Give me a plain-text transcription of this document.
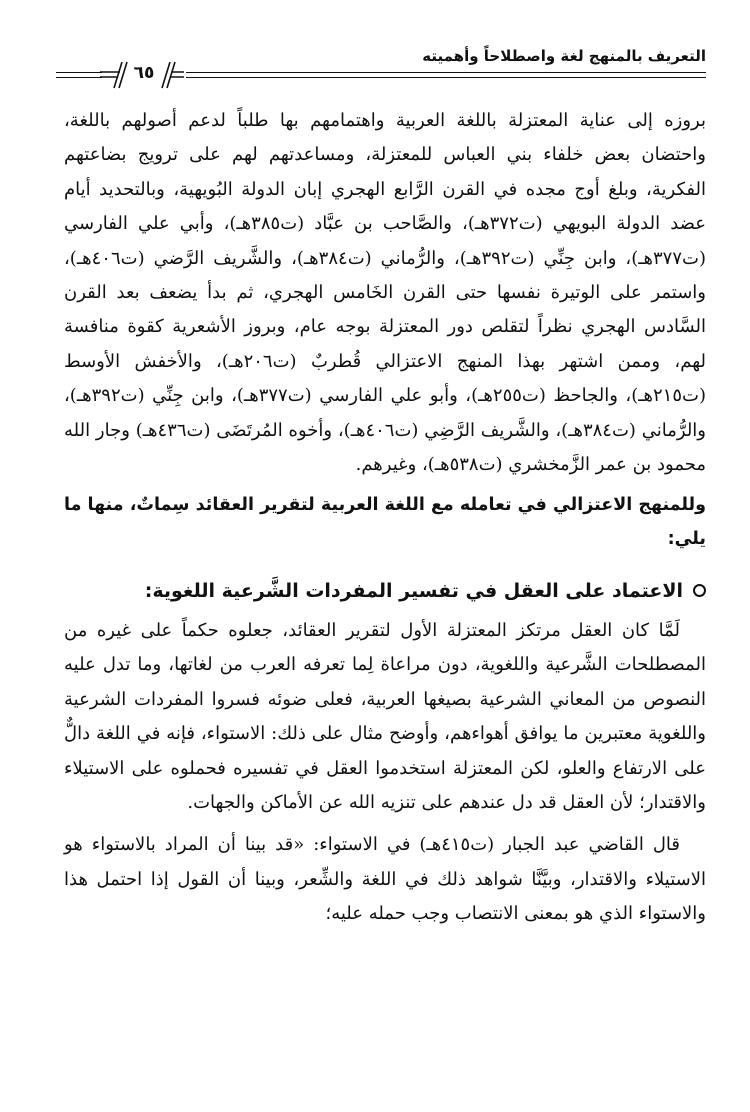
التعريف بالمنهج لغة واصطلاحاً وأهميته
٦٥

بروزه إلى عناية المعتزلة باللغة العربية واهتمامهم بها طلباً لدعم أصولهم باللغة، واحتضان بعض خلفاء بني العباس للمعتزلة، ومساعدتهم لهم على ترويج بضاعتهم الفكرية، وبلغ أوج مجده في القرن الرَّابع الهجري إبان الدولة البُويهية، وبالتحديد أيام عضد الدولة البويهي (ت٣٧٢هـ)، والصَّاحب بن عبَّاد (ت٣٨٥هـ)، وأبي علي الفارسي (ت٣٧٧هـ)، وابن جِنِّي (ت٣٩٢هـ)، والرُّماني (ت٣٨٤هـ)، والشَّريف الرَّضي (ت٤٠٦هـ)، واستمر على الوتيرة نفسها حتى القرن الخَامس الهجري، ثم بدأ يضعف بعد القرن السَّادس الهجري نظراً لتقلص دور المعتزلة بوجه عام، وبروز الأشعرية كقوة منافسة لهم، وممن اشتهر بهذا المنهج الاعتزالي قُطربٌ (ت٢٠٦هـ)، والأخفش الأوسط (ت٢١٥هـ)، والجاحظ (ت٢٥٥هـ)، وأبو علي الفارسي (ت٣٧٧هـ)، وابن جِنِّي (ت٣٩٢هـ)، والرُّماني (ت٣٨٤هـ)، والشَّريف الرَّضِي (ت٤٠٦هـ)، وأخوه المُرتَضَى (ت٤٣٦هـ) وجار الله محمود بن عمر الزَّمخشري (ت٥٣٨هـ)، وغيرهم.

وللمنهج الاعتزالي في تعامله مع اللغة العربية لتقرير العقائد سِماتٌ، منها ما يلي:

الاعتماد على العقل في تفسير المفردات الشَّرعية اللغوية:

لَمَّا كان العقل مرتكز المعتزلة الأول لتقرير العقائد، جعلوه حكماً على غيره من المصطلحات الشَّرعية واللغوية، دون مراعاة لِما تعرفه العرب من لغاتها، وما تدل عليه النصوص من المعاني الشرعية بصيغها العربية، فعلى ضوئه فسروا المفردات الشرعية واللغوية معتبرين ما يوافق أهواءهم، وأوضح مثال على ذلك: الاستواء، فإنه في اللغة دالٌّ على الارتفاع والعلو، لكن المعتزلة استخدموا العقل في تفسيره فحملوه على الاستيلاء والاقتدار؛ لأن العقل قد دل عندهم على تنزيه الله عن الأماكن والجهات.

قال القاضي عبد الجبار (ت٤١٥هـ) في الاستواء: «قد بينا أن المراد بالاستواء هو الاستيلاء والاقتدار، وبيَّنَّا شواهد ذلك في اللغة والشِّعر، وبينا أن القول إذا احتمل هذا والاستواء الذي هو بمعنى الانتصاب وجب حمله عليه؛
